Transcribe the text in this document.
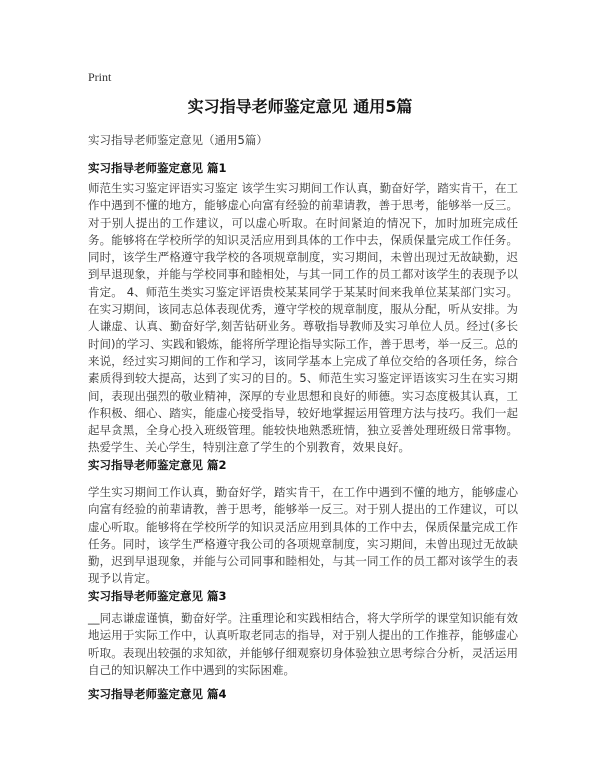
Print
实习指导老师鉴定意见 通用5篇
实习指导老师鉴定意见（通用5篇）
实习指导老师鉴定意见 篇1
师范生实习鉴定评语实习鉴定 该学生实习期间工作认真，勤奋好学，踏实肯干，在工作中遇到不懂的地方，能够虚心向富有经验的前辈请教，善于思考，能够举一反三。对于别人提出的工作建议，可以虚心听取。在时间紧迫的情况下，加时加班完成任务。能够将在学校所学的知识灵活应用到具体的工作中去，保质保量完成工作任务。同时，该学生严格遵守我学校的各项规章制度，实习期间，未曾出现过无故缺勤，迟到早退现象，并能与学校同事和睦相处，与其一同工作的员工都对该学生的表现予以肯定。 4、师范生类实习鉴定评语贵校某某同学于某某时间来我单位某某部门实习。在实习期间，该同志总体表现优秀，遵守学校的规章制度，服从分配，听从安排。为人谦虚、认真、勤奋好学,刻苦钻研业务。尊敬指导教师及实习单位人员。经过(多长时间)的学习、实践和锻炼，能将所学理论指导实际工作，善于思考，举一反三。总的来说，经过实习期间的工作和学习，该同学基本上完成了单位交给的各项任务，综合素质得到较大提高，达到了实习的目的。5、师范生实习鉴定评语该实习生在实习期间，表现出强烈的敬业精神，深厚的专业思想和良好的师德。实习态度极其认真，工作积极、细心、踏实，能虚心接受指导，较好地掌握运用管理方法与技巧。我们一起起早贪黑，全身心投入班级管理。能较快地熟悉班情，独立妥善处理班级日常事物。热爱学生、关心学生，特别注意了学生的个别教育，效果良好。
实习指导老师鉴定意见 篇2
学生实习期间工作认真，勤奋好学，踏实肯干，在工作中遇到不懂的地方，能够虚心向富有经验的前辈请教，善于思考，能够举一反三。对于别人提出的工作建议，可以虚心听取。能够将在学校所学的知识灵活应用到具体的工作中去，保质保量完成工作任务。同时，该学生严格遵守我公司的各项规章制度，实习期间，未曾出现过无故缺勤，迟到早退现象，并能与公司同事和睦相处，与其一同工作的员工都对该学生的表现予以肯定。
实习指导老师鉴定意见 篇3
__同志谦虚谨慎，勤奋好学。注重理论和实践相结合，将大学所学的课堂知识能有效地运用于实际工作中，认真听取老同志的指导，对于别人提出的工作推荐，能够虚心听取。表现出较强的求知欲，并能够仔细观察切身体验独立思考综合分析，灵活运用自己的知识解决工作中遇到的实际困难。
实习指导老师鉴定意见 篇4
